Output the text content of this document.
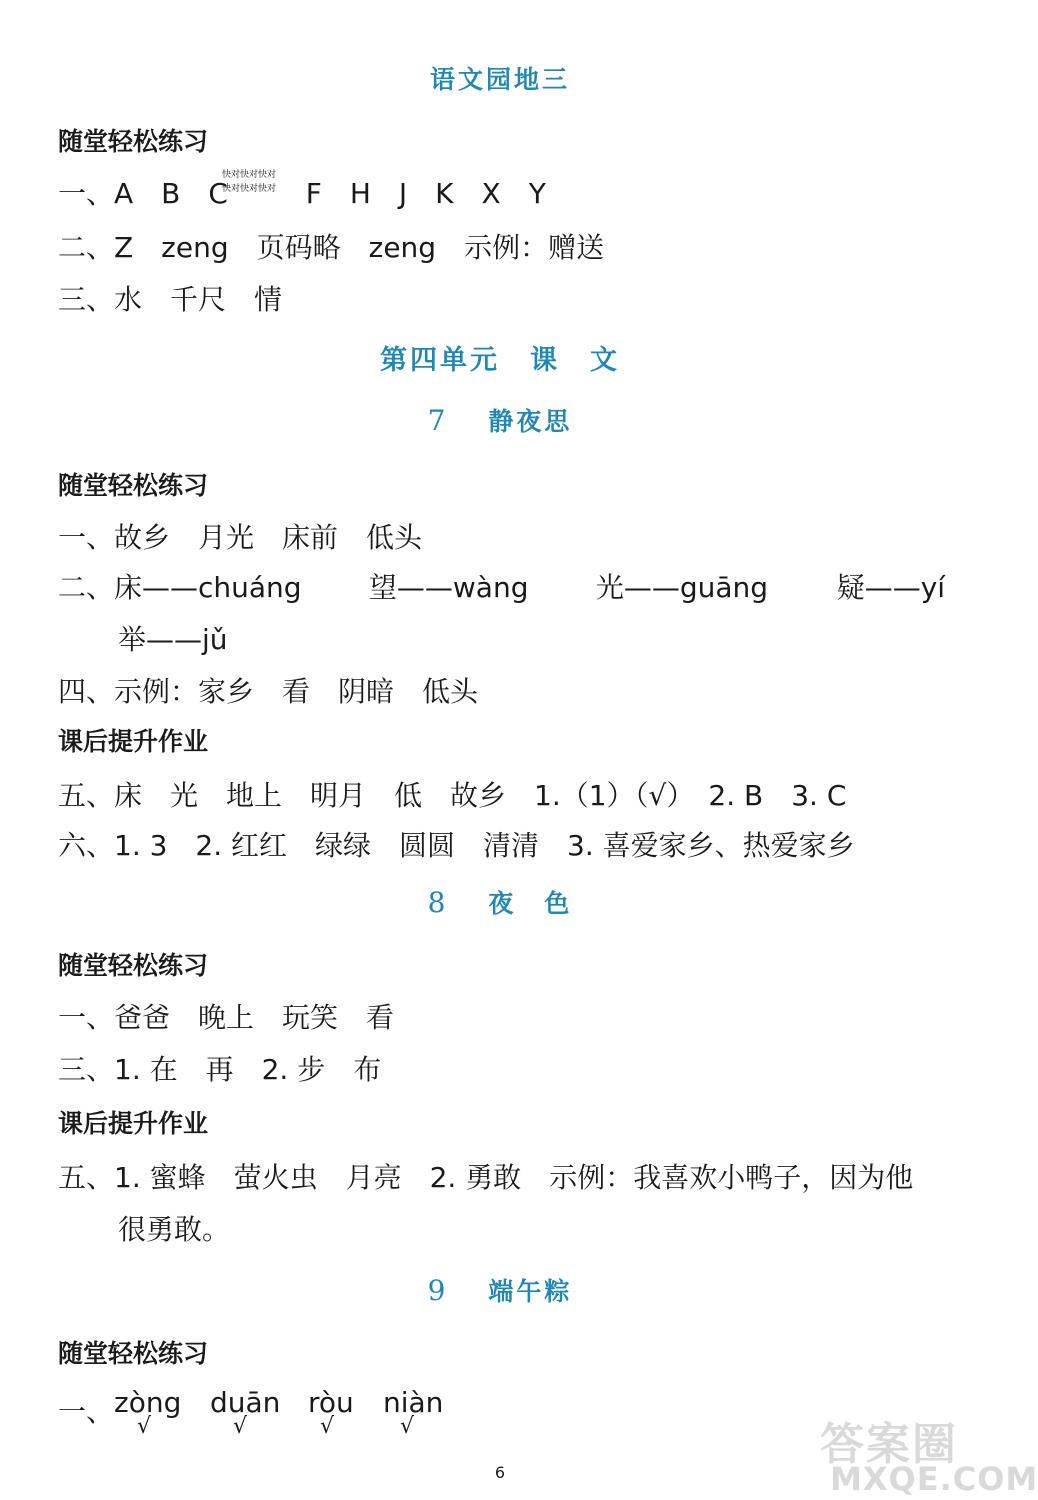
语文园地三
随堂轻松练习
一、A　B　C	F　H　J　K　X　Y
快对快对快对
快对快对快对
二、Z　zeng　页码略　zeng　示例：赠送
三、水　千尺　情
第四单元　课　文
7 静夜思
随堂轻松练习
一、故乡　月光　床前　低头
二、床——chuáng 望——wàng 光——guāng 疑——yí
举——jǔ
四、示例：家乡　看　阴暗　低头
课后提升作业
五、床　光　地上　明月　低　故乡　1.（1）（√）　2. B　3. C
六、1. 3　2. 红红　绿绿　圆圆　清清　3. 喜爱家乡、热爱家乡
8 夜　色
随堂轻松练习
一、爸爸　晚上　玩笑　看
三、1. 在　再　2. 步　布
课后提升作业
五、1. 蜜蜂　萤火虫　月亮　2. 勇敢　示例：我喜欢小鸭子，因为他
很勇敢。
9 端午粽
随堂轻松练习
一、 zòng duān ròu niàn
√	√	√	√
6
答案圈
MXQE.COM
